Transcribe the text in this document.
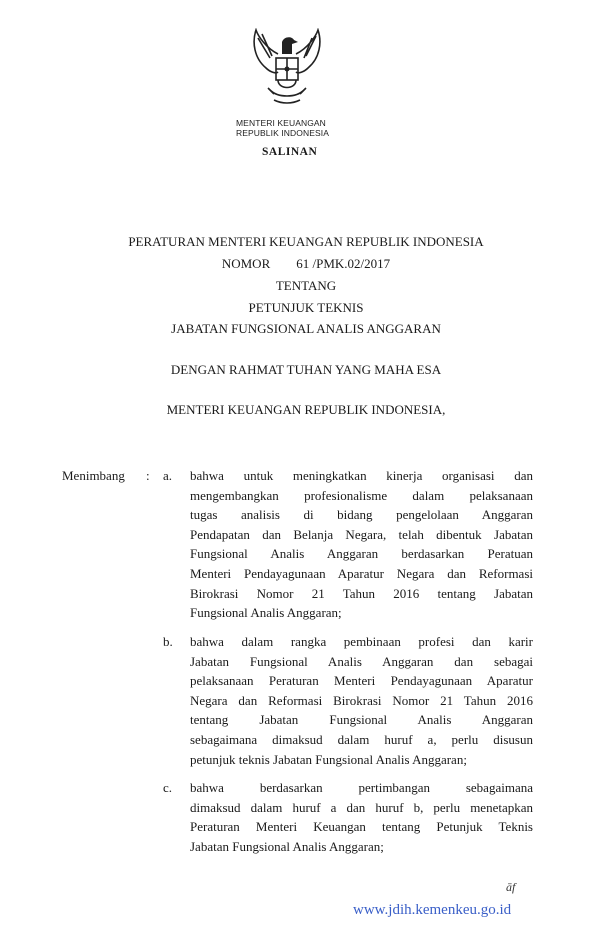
MENTERI KEUANGAN
REPUBLIK INDONESIA
SALINAN
PERATURAN MENTERI KEUANGAN REPUBLIK INDONESIA
NOMOR 61 /PMK.02/2017
TENTANG
PETUNJUK TEKNIS
JABATAN FUNGSIONAL ANALIS ANGGARAN
DENGAN RAHMAT TUHAN YANG MAHA ESA
MENTERI KEUANGAN REPUBLIK INDONESIA,
Menimbang : a. bahwa untuk meningkatkan kinerja organisasi dan
mengembangkan profesionalisme dalam pelaksanaan
tugas analisis di bidang pengelolaan Anggaran
Pendapatan dan Belanja Negara, telah dibentuk Jabatan
Fungsional Analis Anggaran berdasarkan Peratuan
Menteri Pendayagunaan Aparatur Negara dan Reformasi
Birokrasi Nomor 21 Tahun 2016 tentang Jabatan
Fungsional Analis Anggaran;
b. bahwa dalam rangka pembinaan profesi dan karir
Jabatan Fungsional Analis Anggaran dan sebagai
pelaksanaan Peraturan Menteri Pendayagunaan Aparatur
Negara dan Reformasi Birokrasi Nomor 21 Tahun 2016
tentang Jabatan Fungsional Analis Anggaran
sebagaimana dimaksud dalam huruf a, perlu disusun
petunjuk teknis Jabatan Fungsional Analis Anggaran;
c. bahwa berdasarkan pertimbangan sebagaimana
dimaksud dalam huruf a dan huruf b, perlu menetapkan
Peraturan Menteri Keuangan tentang Petunjuk Teknis
Jabatan Fungsional Analis Anggaran;
āf
www.jdih.kemenkeu.go.id
